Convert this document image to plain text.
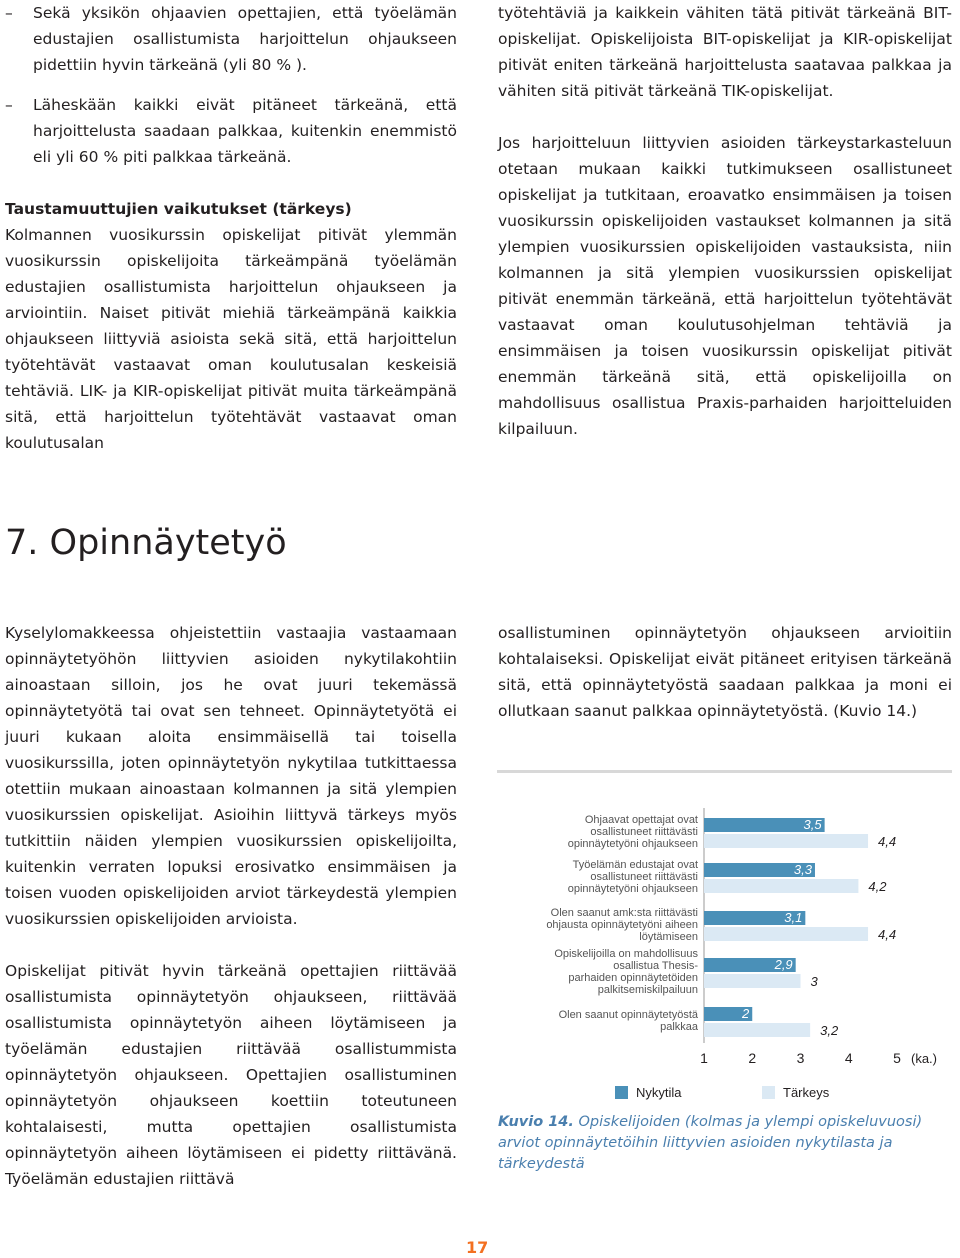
– Sekä yksikön ohjaavien opettajien, että työelämän edustajien osallistumista harjoittelun ohjaukseen pidettiin hyvin tärkeänä (yli 80 % ).

– Läheskään kaikki eivät pitäneet tärkeänä, että harjoittelusta saadaan palkkaa, kuitenkin enemmistö eli yli 60 % piti palkkaa tärkeänä.

Taustamuuttujien vaikutukset (tärkeys)

Kolmannen vuosikurssin opiskelijat pitivät ylemmän vuosikurssin opiskelijoita tärkeämpänä työelämän edustajien osallistumista harjoittelun ohjaukseen ja arviointiin. Naiset pitivät miehiä tärkeämpänä kaikkia ohjaukseen liittyviä asioista sekä sitä, että harjoittelun työtehtävät vastaavat oman koulutusalan keskeisiä tehtäviä. LIK- ja KIR-opiskelijat pitivät muita tärkeämpänä sitä, että harjoittelun työtehtävät vastaavat oman koulutusalan

työtehtäviä ja kaikkein vähiten tätä pitivät tärkeänä BIT-opiskelijat. Opiskelijoista BIT-opiskelijat ja KIR-opiskelijat pitivät eniten tärkeänä harjoittelusta saatavaa palkkaa ja vähiten sitä pitivät tärkeänä TIK-opiskelijat.

Jos harjoitteluun liittyvien asioiden tärkeystarkasteluun otetaan mukaan kaikki tutkimukseen osallistuneet opiskelijat ja tutkitaan, eroavatko ensimmäisen ja toisen vuosikurssin opiskelijoiden vastaukset kolmannen ja sitä ylempien vuosikurssien opiskelijoiden vastauksista, niin kolmannen ja sitä ylempien vuosikurssien opiskelijat pitivät enemmän tärkeänä, että harjoittelun työtehtävät vastaavat oman koulutusohjelman tehtäviä ja ensimmäisen ja toisen vuosikurssin opiskelijat pitivät enemmän tärkeänä sitä, että opiskelijoilla on mahdollisuus osallistua Praxis-parhaiden harjoitteluiden kilpailuun.

7. Opinnäytetyö

Kyselylomakkeessa ohjeistettiin vastaajia vastaamaan opinnäytetyöhön liittyvien asioiden nykytilakohtiin ainoastaan silloin, jos he ovat juuri tekemässä opinnäytetyötä tai ovat sen tehneet. Opinnäytetyötä ei juuri kukaan aloita ensimmäisellä tai toisella vuosikurssilla, joten opinnäytetyön nykytilaa tutkittaessa otettiin mukaan ainoastaan kolmannen ja sitä ylempien vuosikurssien opiskelijat. Asioihin liittyvä tärkeys myös tutkittiin näiden ylempien vuosikurssien opiskelijoilta, kuitenkin verraten lopuksi erosivatko ensimmäisen ja toisen vuoden opiskelijoiden arviot tärkeydestä ylempien vuosikurssien opiskelijoiden arvioista.

Opiskelijat pitivät hyvin tärkeänä opettajien riittävää osallistumista opinnäytetyön ohjaukseen, riittävää osallistumista opinnäytetyön aiheen löytämiseen ja työelämän edustajien riittävää osallistummista opinnäytetyön ohjaukseen. Opettajien osallistuminen opinnäytetyön ohjaukseen koettiin toteutuneen kohtalaisesti, mutta opettajien osallistumista opinnäytetyön aiheen löytämiseen ei pidetty riittävänä. Työelämän edustajien riittävä

osallistuminen opinnäytetyön ohjaukseen arvioitiin kohtalaiseksi. Opiskelijat eivät pitäneet erityisen tärkeänä sitä, että opinnäytetyöstä saadaan palkkaa ja moni ei ollutkaan saanut palkkaa opinnäytetyöstä. (Kuvio 14.)

Ohjaavat opettajat ovat osallistuneet riittävästi opinnäytetyöni ohjaukseen
3,5
4,4
Työelämän edustajat ovat osallistuneet riittävästi opinnäytetyöni ohjaukseen
3,3
4,2
Olen saanut amk:sta riittävästi ohjausta opinnäytetyöni aiheen löytämiseen
3,1
4,4
Opiskelijoilla on mahdollisuus osallistua Thesis-parhaiden opinnäytetöiden palkitsemiskilpailuun
2,9
3
Olen saanut opinnäytetyöstä palkkaa
2
3,2
1	2	3	4	5 (ka.)
Nykytila	Tärkeys
Kuvio 14. Opiskelijoiden (kolmas ja ylempi opiskeluvuosi) arviot opinnäytetöihin liittyvien asioiden nykytilasta ja tärkeydestä
17
